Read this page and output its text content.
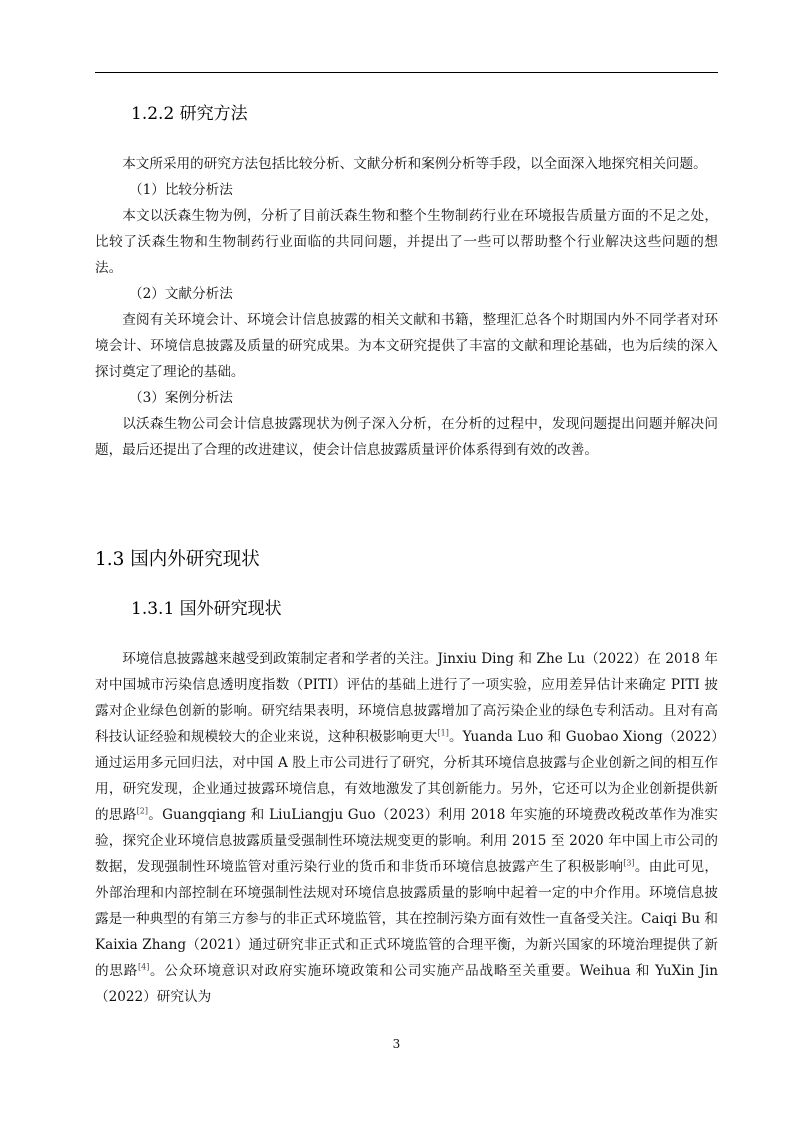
1.2.2 研究方法

本文所采用的研究方法包括比较分析、文献分析和案例分析等手段，以全面深入地探究相关问题。

（1）比较分析法

本文以沃森生物为例，分析了目前沃森生物和整个生物制药行业在环境报告质量方面的不足之处，比较了沃森生物和生物制药行业面临的共同问题，并提出了一些可以帮助整个行业解决这些问题的想法。

（2）文献分析法

查阅有关环境会计、环境会计信息披露的相关文献和书籍，整理汇总各个时期国内外不同学者对环境会计、环境信息披露及质量的研究成果。为本文研究提供了丰富的文献和理论基础，也为后续的深入探讨奠定了理论的基础。

（3）案例分析法

以沃森生物公司会计信息披露现状为例子深入分析，在分析的过程中，发现问题提出问题并解决问题，最后还提出了合理的改进建议，使会计信息披露质量评价体系得到有效的改善。

1.3 国内外研究现状
1.3.1 国外研究现状

环境信息披露越来越受到政策制定者和学者的关注。Jinxiu Ding 和 Zhe Lu（2022）在 2018 年对中国城市污染信息透明度指数（PITI）评估的基础上进行了一项实验，应用差异估计来确定 PITI 披露对企业绿色创新的影响。研究结果表明，环境信息披露增加了高污染企业的绿色专利活动。且对有高科技认证经验和规模较大的企业来说，这种积极影响更大[1]。Yuanda Luo 和 Guobao Xiong（2022）通过运用多元回归法，对中国 A 股上市公司进行了研究，分析其环境信息披露与企业创新之间的相互作用，研究发现，企业通过披露环境信息，有效地激发了其创新能力。另外，它还可以为企业创新提供新的思路[2]。Guangqiang 和 LiuLiangju Guo（2023）利用 2018 年实施的环境费改税改革作为准实验，探究企业环境信息披露质量受强制性环境法规变更的影响。利用 2015 至 2020 年中国上市公司的数据，发现强制性环境监管对重污染行业的货币和非货币环境信息披露产生了积极影响[3]。由此可见，外部治理和内部控制在环境强制性法规对环境信息披露质量的影响中起着一定的中介作用。环境信息披露是一种典型的有第三方参与的非正式环境监管，其在控制污染方面有效性一直备受关注。Caiqi Bu 和 Kaixia Zhang（2021）通过研究非正式和正式环境监管的合理平衡，为新兴国家的环境治理提供了新的思路[4]。公众环境意识对政府实施环境政策和公司实施产品战略至关重要。Weihua 和 YuXin Jin（2022）研究认为

3
